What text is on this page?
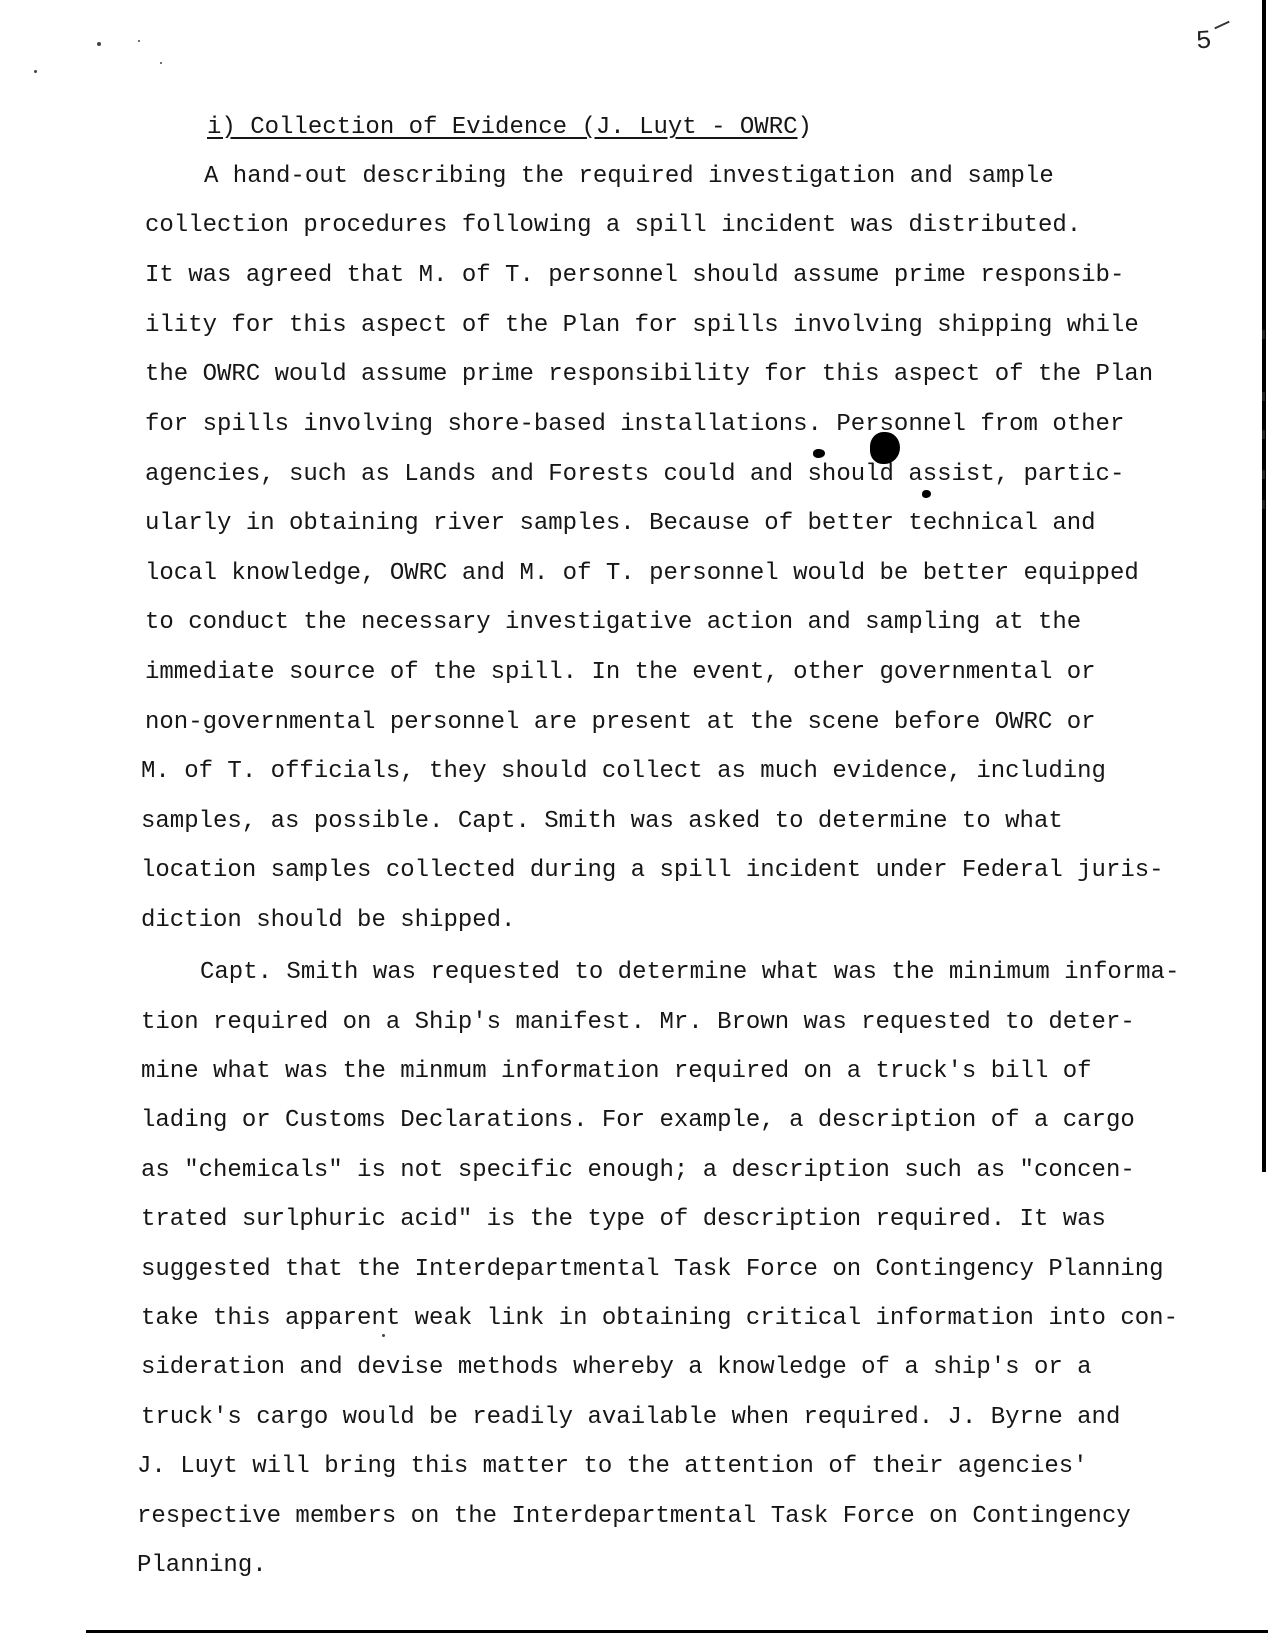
5
i) Collection of Evidence (J. Luyt - OWRC)

A hand-out describing the required investigation and sample

collection procedures following a spill incident was distributed.

It was agreed that M. of T. personnel should assume prime responsib-

ility for this aspect of the Plan for spills involving shipping while

the OWRC would assume prime responsibility for this aspect of the Plan

for spills involving shore-based installations. Personnel from other

agencies, such as Lands and Forests could and should assist, partic-

ularly in obtaining river samples. Because of better technical and

local knowledge, OWRC and M. of T. personnel would be better equipped

to conduct the necessary investigative action and sampling at the

immediate source of the spill. In the event, other governmental or

non-governmental personnel are present at the scene before OWRC or

M. of T. officials, they should collect as much evidence, including

samples, as possible. Capt. Smith was asked to determine to what

location samples collected during a spill incident under Federal juris-

diction should be shipped.

Capt. Smith was requested to determine what was the minimum informa-

tion required on a Ship's manifest. Mr. Brown was requested to deter-

mine what was the minmum information required on a truck's bill of

lading or Customs Declarations. For example, a description of a cargo

as "chemicals" is not specific enough; a description such as "concen-

trated surlphuric acid" is the type of description required. It was

suggested that the Interdepartmental Task Force on Contingency Planning

take this apparent weak link in obtaining critical information into con-

sideration and devise methods whereby a knowledge of a ship's or a

truck's cargo would be readily available when required. J. Byrne and

J. Luyt will bring this matter to the attention of their agencies'

respective members on the Interdepartmental Task Force on Contingency

Planning.
